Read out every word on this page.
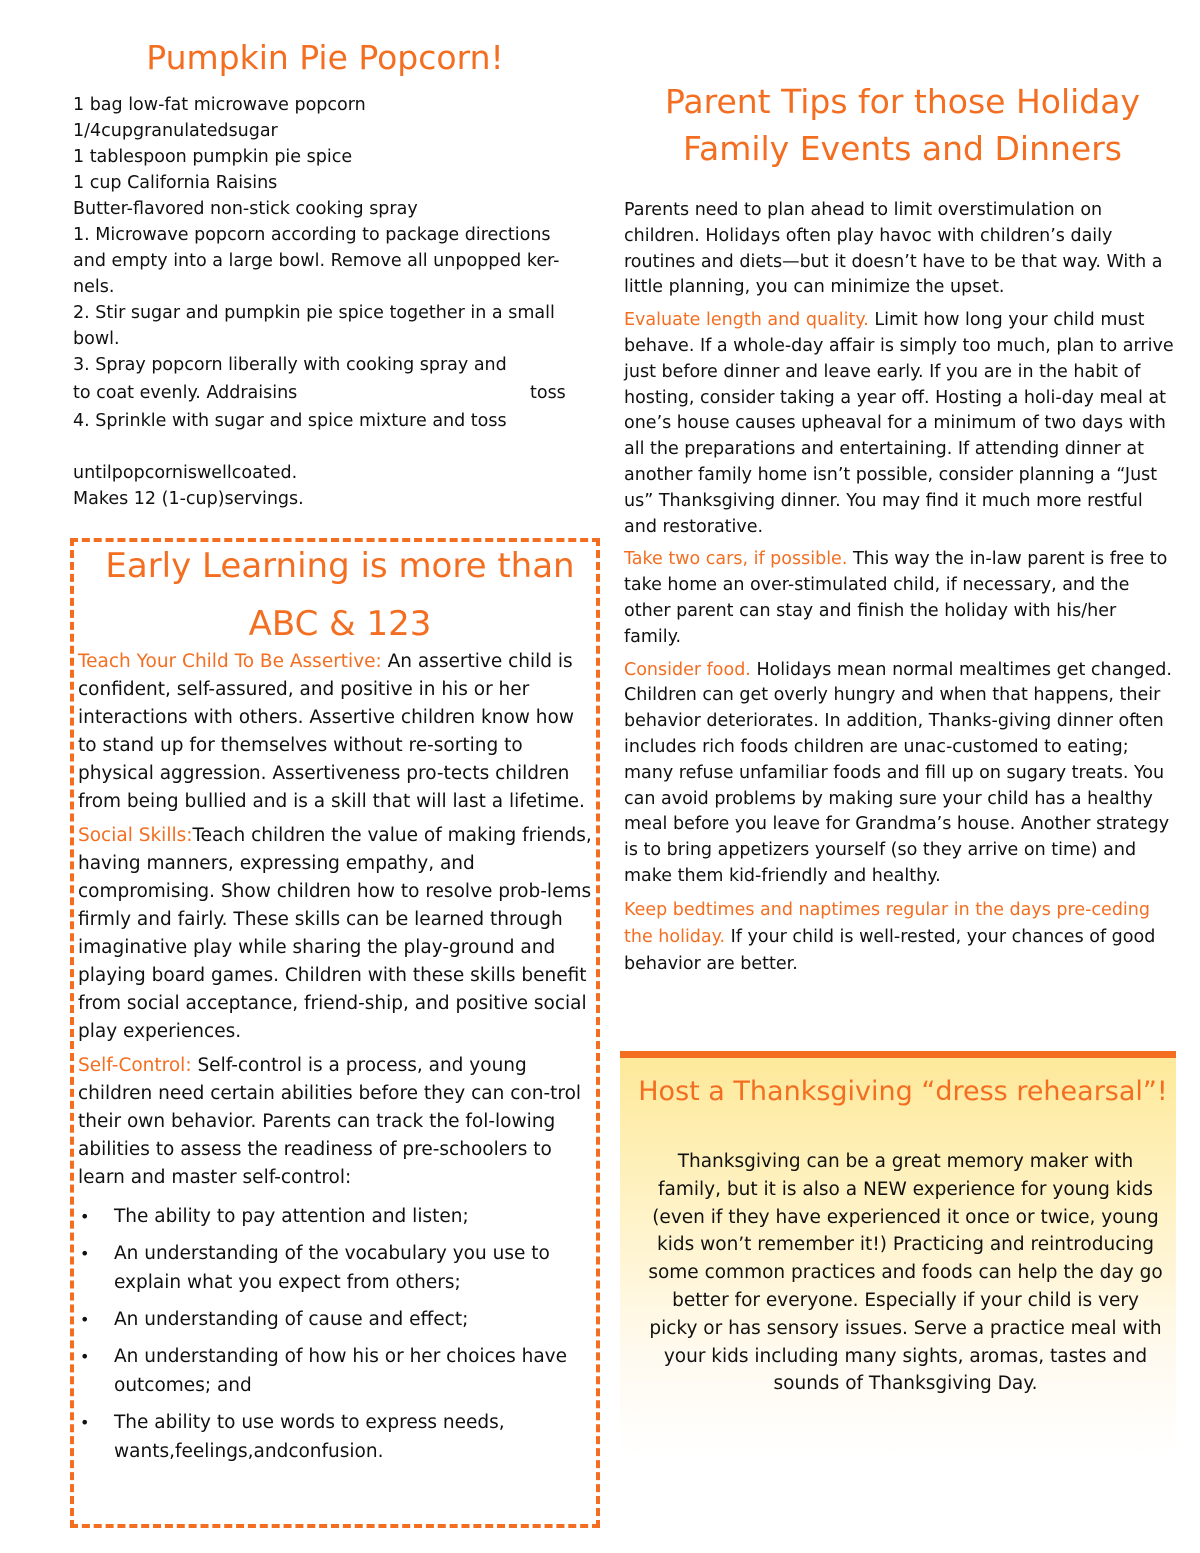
Pumpkin Pie Popcorn!
1 bag low-fat microwave popcorn
1/4cupgranulatedsugar
1 tablespoon pumpkin pie spice
1 cup California Raisins
Butter-flavored non-stick cooking spray
1. Microwave popcorn according to package directions
and empty into a large bowl. Remove all unpopped ker-
nels.
2. Stir sugar and pumpkin pie spice together in a small
bowl.
3. Spray popcorn liberally with cooking spray and
to coat evenly. Addraisins	toss
4. Sprinkle with sugar and spice mixture and toss
untilpopcorniswellcoated.
Makes 12 (1-cup)servings.
Early Learning is more than
ABC & 123

Teach Your Child To Be Assertive: An assertive child is confident, self-assured, and positive in his or her interactions with others. Assertive children know how to stand up for themselves without re-sorting to physical aggression. Assertiveness pro-tects children from being bullied and is a skill that will last a lifetime.

Social Skills:Teach children the value of making friends, having manners, expressing empathy, and compromising. Show children how to resolve prob-lems firmly and fairly. These skills can be learned through imaginative play while sharing the play-ground and playing board games. Children with these skills benefit from social acceptance, friend-ship, and positive social play experiences.

Self-Control: Self-control is a process, and young children need certain abilities before they can con-trol their own behavior. Parents can track the fol-lowing abilities to assess the readiness of pre-schoolers to learn and master self-control:

• The ability to pay attention and listen;
• An understanding of the vocabulary you use to explain what you expect from others;
• An understanding of cause and effect;
• An understanding of how his or her choices have outcomes; and
• The ability to use words to express needs, wants,feelings,andconfusion.
Parent Tips for those Holiday
Family Events and Dinners

Parents need to plan ahead to limit overstimulation on children. Holidays often play havoc with children’s daily routines and diets—but it doesn’t have to be that way. With a little planning, you can minimize the upset.

Evaluate length and quality. Limit how long your child must behave. If a whole-day affair is simply too much, plan to arrive just before dinner and leave early. If you are in the habit of hosting, consider taking a year off. Hosting a holi-day meal at one’s house causes upheaval for a minimum of two days with all the preparations and entertaining. If attending dinner at another family home isn’t possible, consider planning a “Just us” Thanksgiving dinner. You may find it much more restful and restorative.

Take two cars, if possible. This way the in-law parent is free to take home an over-stimulated child, if necessary, and the other parent can stay and finish the holiday with his/her family.

Consider food. Holidays mean normal mealtimes get changed. Children can get overly hungry and when that happens, their behavior deteriorates. In addition, Thanks-giving dinner often includes rich foods children are unac-customed to eating; many refuse unfamiliar foods and fill up on sugary treats. You can avoid problems by making sure your child has a healthy meal before you leave for Grandma’s house. Another strategy is to bring appetizers yourself (so they arrive on time) and make them kid-friendly and healthy.

Keep bedtimes and naptimes regular in the days pre-ceding the holiday. If your child is well-rested, your chances of good behavior are better.

Host a Thanksgiving “dress rehearsal”!
Thanksgiving can be a great memory maker with family, but it is also a NEW experience for young kids (even if they have experienced it once or twice, young kids won’t remember it!) Practicing and reintroducing some common practices and foods can help the day go better for everyone. Especially if your child is very picky or has sensory issues. Serve a practice meal with your kids including many sights, aromas, tastes and sounds of Thanksgiving Day.
